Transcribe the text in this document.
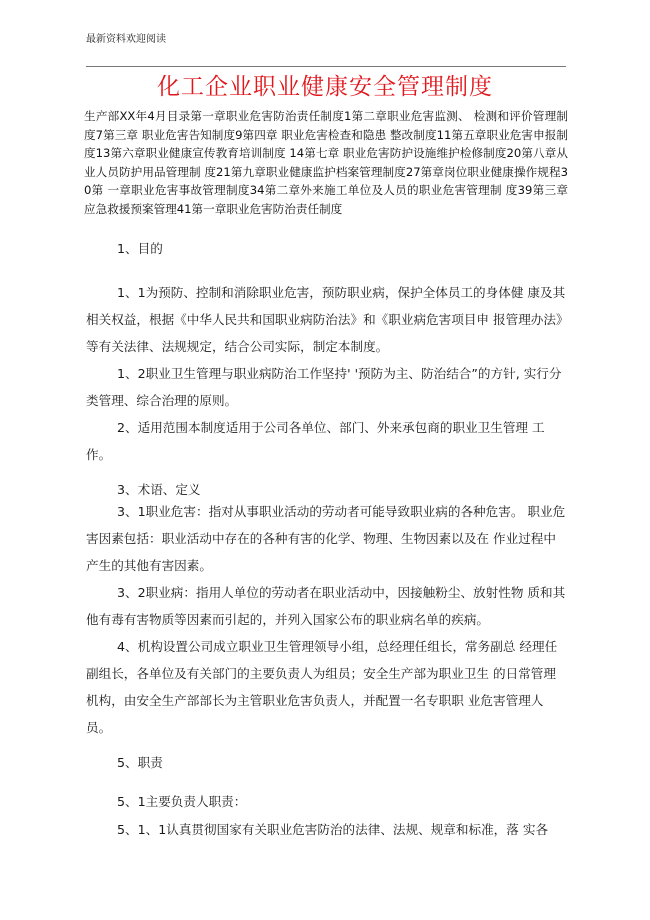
最新资料欢迎阅读
化工企业职业健康安全管理制度
生产部XX年4月目录第一章职业危害防治责任制度1第二章职业危害监测、 检测和评价管理制度7第三章 职业危害告知制度9第四章 职业危害检查和隐患 整改制度11第五章职业危害申报制度13第六章职业健康宣传教育培训制度 14第七章 职业危害防护设施维护检修制度20第八章从业人员防护用品管理制 度21第九章职业健康监护档案管理制度27第章岗位职业健康操作规程30第 一章职业危害事故管理制度34第二章外来施工单位及人员的职业危害管理制 度39第三章应急救援预案管理41第一章职业危害防治责任制度
1、目的
1、1为预防、控制和消除职业危害，预防职业病，保护全体员工的身体健 康及其相关权益，根据《中华人民共和国职业病防治法》和《职业病危害项目申 报管理办法》等有关法律、法规规定，结合公司实际，制定本制度。
1、2职业卫生管理与职业病防治工作坚持' '预防为主、防治结合”的方针, 实行分类管理、综合治理的原则。
2、适用范围本制度适用于公司各单位、部门、外来承包商的职业卫生管理 工作。
3、术语、定义
3、1职业危害：指对从事职业活动的劳动者可能导致职业病的各种危害。 职业危害因素包括：职业活动中存在的各种有害的化学、物理、生物因素以及在 作业过程中产生的其他有害因素。
3、2职业病：指用人单位的劳动者在职业活动中，因接触粉尘、放射性物 质和其他有毒有害物质等因素而引起的，并列入国家公布的职业病名单的疾病。
4、机构设置公司成立职业卫生管理领导小组，总经理任组长，常务副总 经理任副组长，各单位及有关部门的主要负责人为组员；安全生产部为职业卫生 的日常管理机构，由安全生产部部长为主管职业危害负责人，并配置一名专职职 业危害管理人员。
5、职责
5、1主要负责人职责：
5、1、1认真贯彻国家有关职业危害防治的法律、法规、规章和标准，落 实各
